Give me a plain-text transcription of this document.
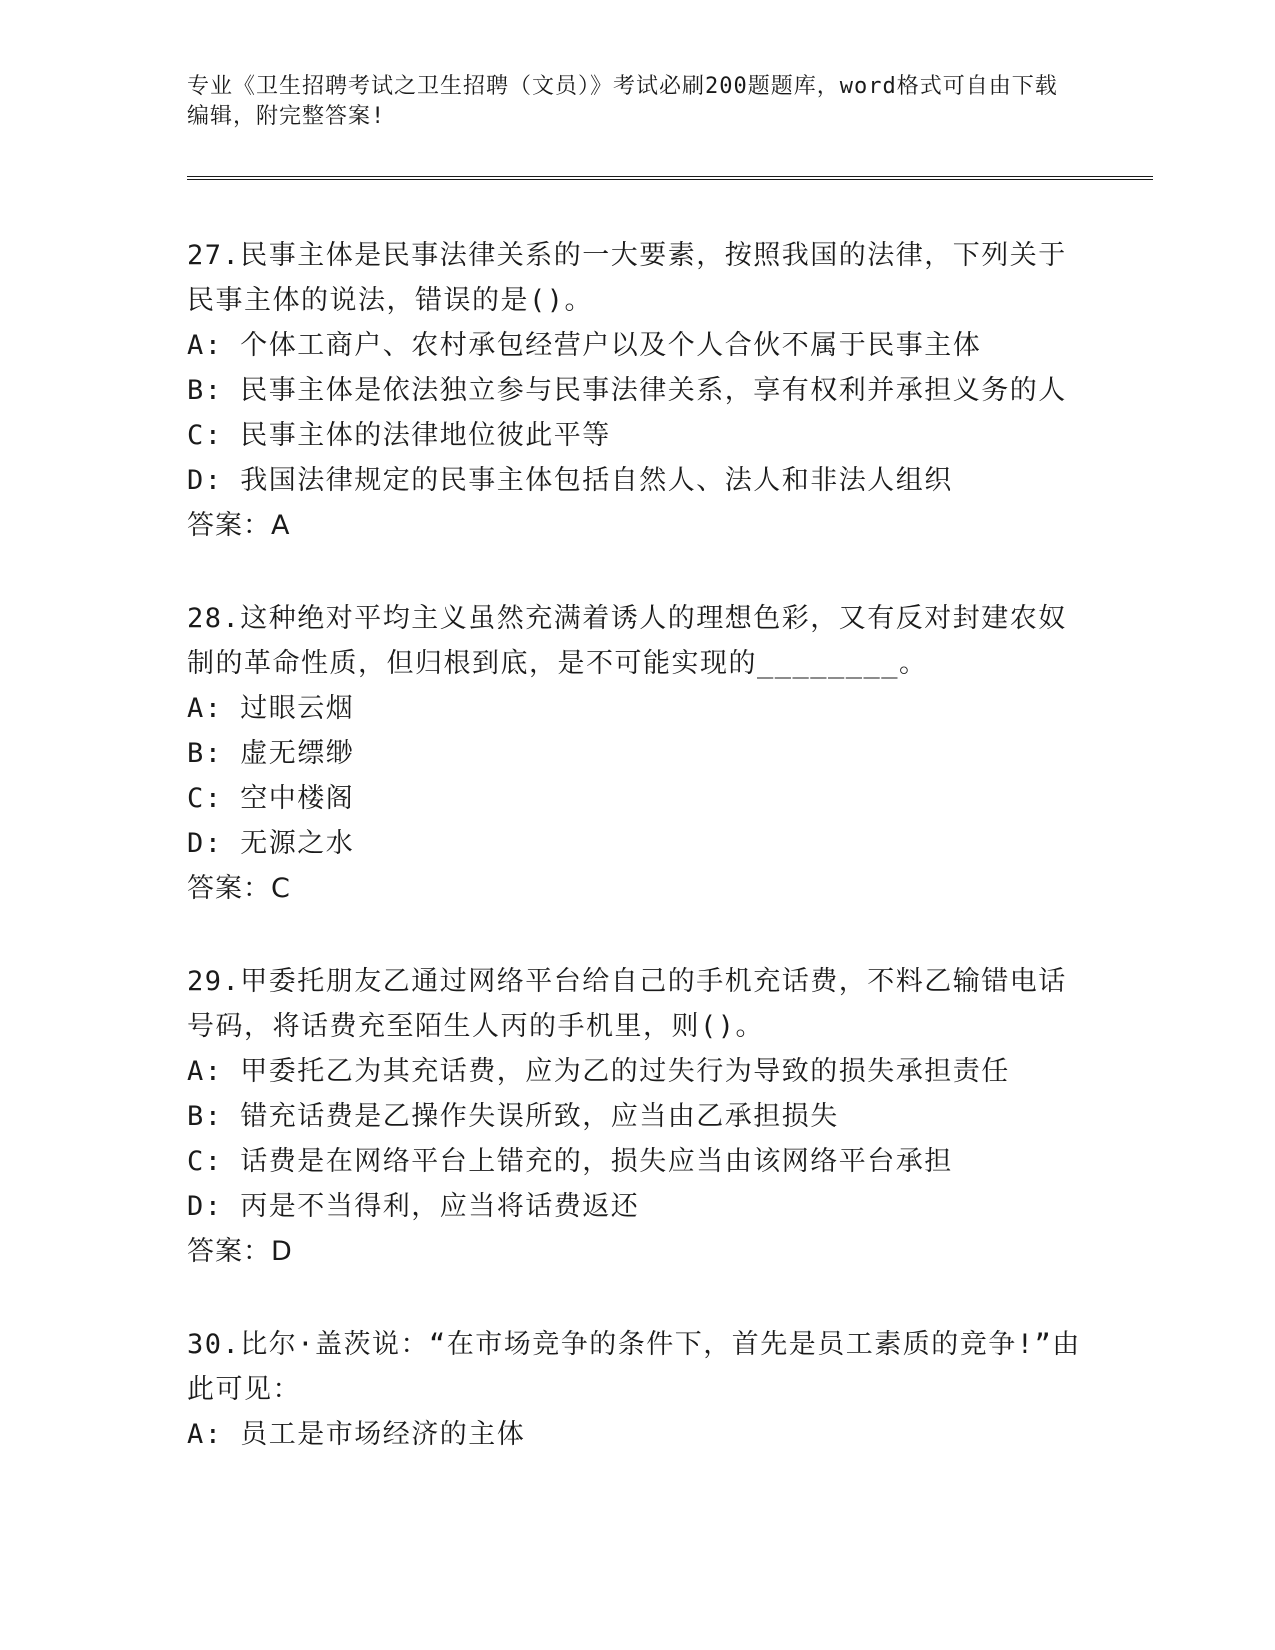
专业《卫生招聘考试之卫生招聘（文员）》考试必刷200题题库，word格式可自由下载编辑，附完整答案!

27.民事主体是民事法律关系的一大要素，按照我国的法律，下列关于民事主体的说法，错误的是()。

A: 个体工商户、农村承包经营户以及个人合伙不属于民事主体

B: 民事主体是依法独立参与民事法律关系，享有权利并承担义务的人

C: 民事主体的法律地位彼此平等

D: 我国法律规定的民事主体包括自然人、法人和非法人组织

答案：A

28.这种绝对平均主义虽然充满着诱人的理想色彩，又有反对封建农奴制的革命性质，但归根到底，是不可能实现的________。

A: 过眼云烟

B: 虚无缥缈

C: 空中楼阁

D: 无源之水

答案：C

29.甲委托朋友乙通过网络平台给自己的手机充话费，不料乙输错电话号码，将话费充至陌生人丙的手机里，则()。

A: 甲委托乙为其充话费，应为乙的过失行为导致的损失承担责任

B: 错充话费是乙操作失误所致，应当由乙承担损失

C: 话费是在网络平台上错充的，损失应当由该网络平台承担

D: 丙是不当得利，应当将话费返还

答案：D

30.比尔·盖茨说：“在市场竞争的条件下，首先是员工素质的竞争!”由此可见：

A: 员工是市场经济的主体
